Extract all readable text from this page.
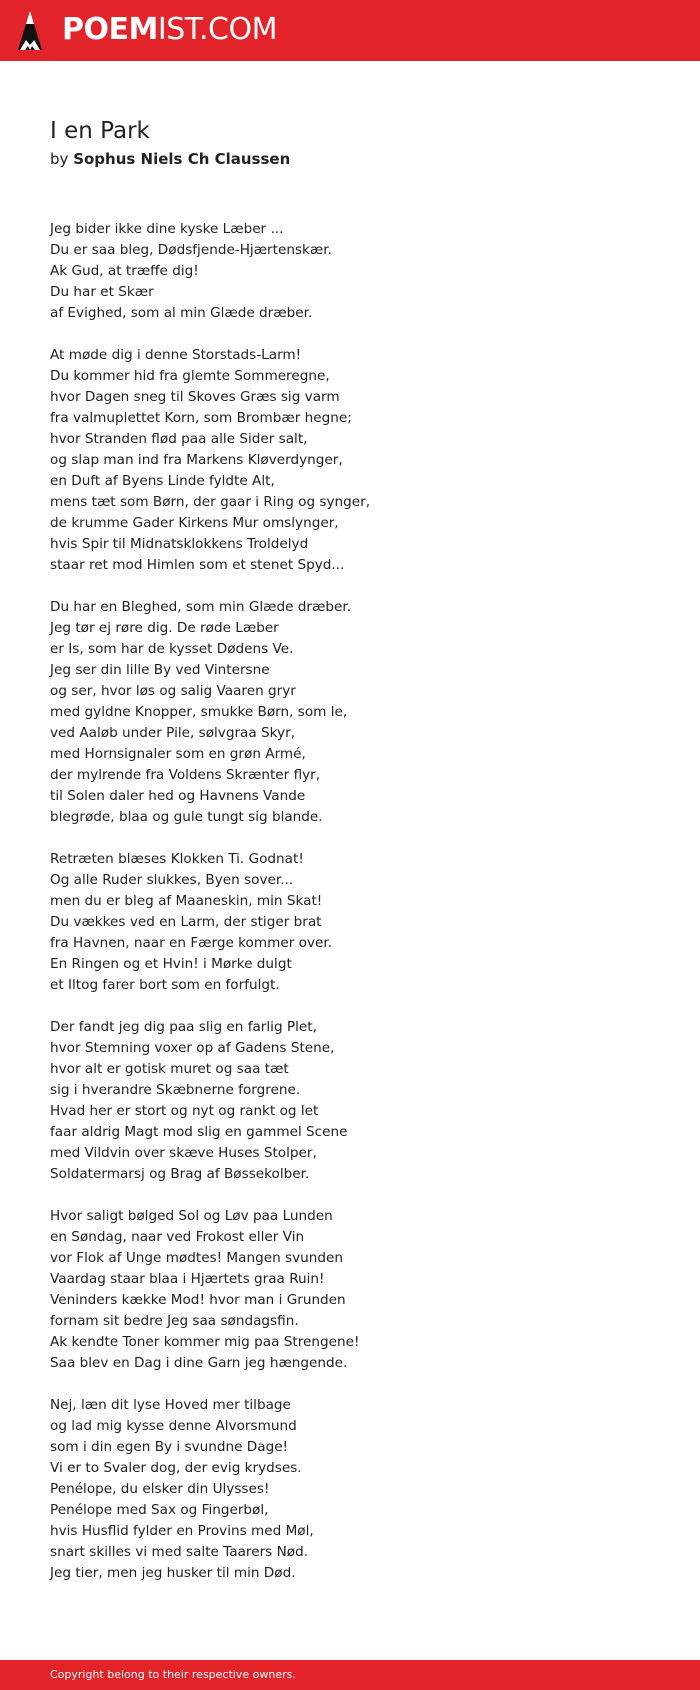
POEMIST.COM
I en Park
by Sophus Niels Ch Claussen
Jeg bider ikke dine kyske Læber ...
Du er saa bleg, Dødsfjende-Hjærtenskær.
Ak Gud, at træffe dig!
Du har et Skær
af Evighed, som al min Glæde dræber.
At møde dig i denne Storstads-Larm!
Du kommer hid fra glemte Sommeregne,
hvor Dagen sneg til Skoves Græs sig varm
fra valmuplettet Korn, som Brombær hegne;
hvor Stranden flød paa alle Sider salt,
og slap man ind fra Markens Kløverdynger,
en Duft af Byens Linde fyldte Alt,
mens tæt som Børn, der gaar i Ring og synger,
de krumme Gader Kirkens Mur omslynger,
hvis Spir til Midnatsklokkens Troldelyd
staar ret mod Himlen som et stenet Spyd...
Du har en Bleghed, som min Glæde dræber.
Jeg tør ej røre dig. De røde Læber
er Is, som har de kysset Dødens Ve.
Jeg ser din lille By ved Vintersne
og ser, hvor løs og salig Vaaren gryr
med gyldne Knopper, smukke Børn, som le,
ved Aaløb under Pile, sølvgraa Skyr,
med Hornsignaler som en grøn Armé,
der mylrende fra Voldens Skrænter flyr,
til Solen daler hed og Havnens Vande
blegrøde, blaa og gule tungt sig blande.
Retræten blæses Klokken Ti. Godnat!
Og alle Ruder slukkes, Byen sover...
men du er bleg af Maaneskin, min Skat!
Du vækkes ved en Larm, der stiger brat
fra Havnen, naar en Færge kommer over.
En Ringen og et Hvin! i Mørke dulgt
et Iltog farer bort som en forfulgt.
Der fandt jeg dig paa slig en farlig Plet,
hvor Stemning voxer op af Gadens Stene,
hvor alt er gotisk muret og saa tæt
sig i hverandre Skæbnerne forgrene.
Hvad her er stort og nyt og rankt og let
faar aldrig Magt mod slig en gammel Scene
med Vildvin over skæve Huses Stolper,
Soldatermarsj og Brag af Bøssekolber.
Hvor saligt bølged Sol og Løv paa Lunden
en Søndag, naar ved Frokost eller Vin
vor Flok af Unge mødtes! Mangen svunden
Vaardag staar blaa i Hjærtets graa Ruin!
Veninders kække Mod! hvor man i Grunden
fornam sit bedre Jeg saa søndagsfin.
Ak kendte Toner kommer mig paa Strengene!
Saa blev en Dag i dine Garn jeg hængende.
Nej, læn dit lyse Hoved mer tilbage
og lad mig kysse denne Alvorsmund
som i din egen By i svundne Dage!
Vi er to Svaler dog, der evig krydses.
Penélope, du elsker din Ulysses!
Penélope med Sax og Fingerbøl,
hvis Husflid fylder en Provins med Møl,
snart skilles vi med salte Taarers Nød.
Jeg tier, men jeg husker til min Død.
Copyright belong to their respective owners.
